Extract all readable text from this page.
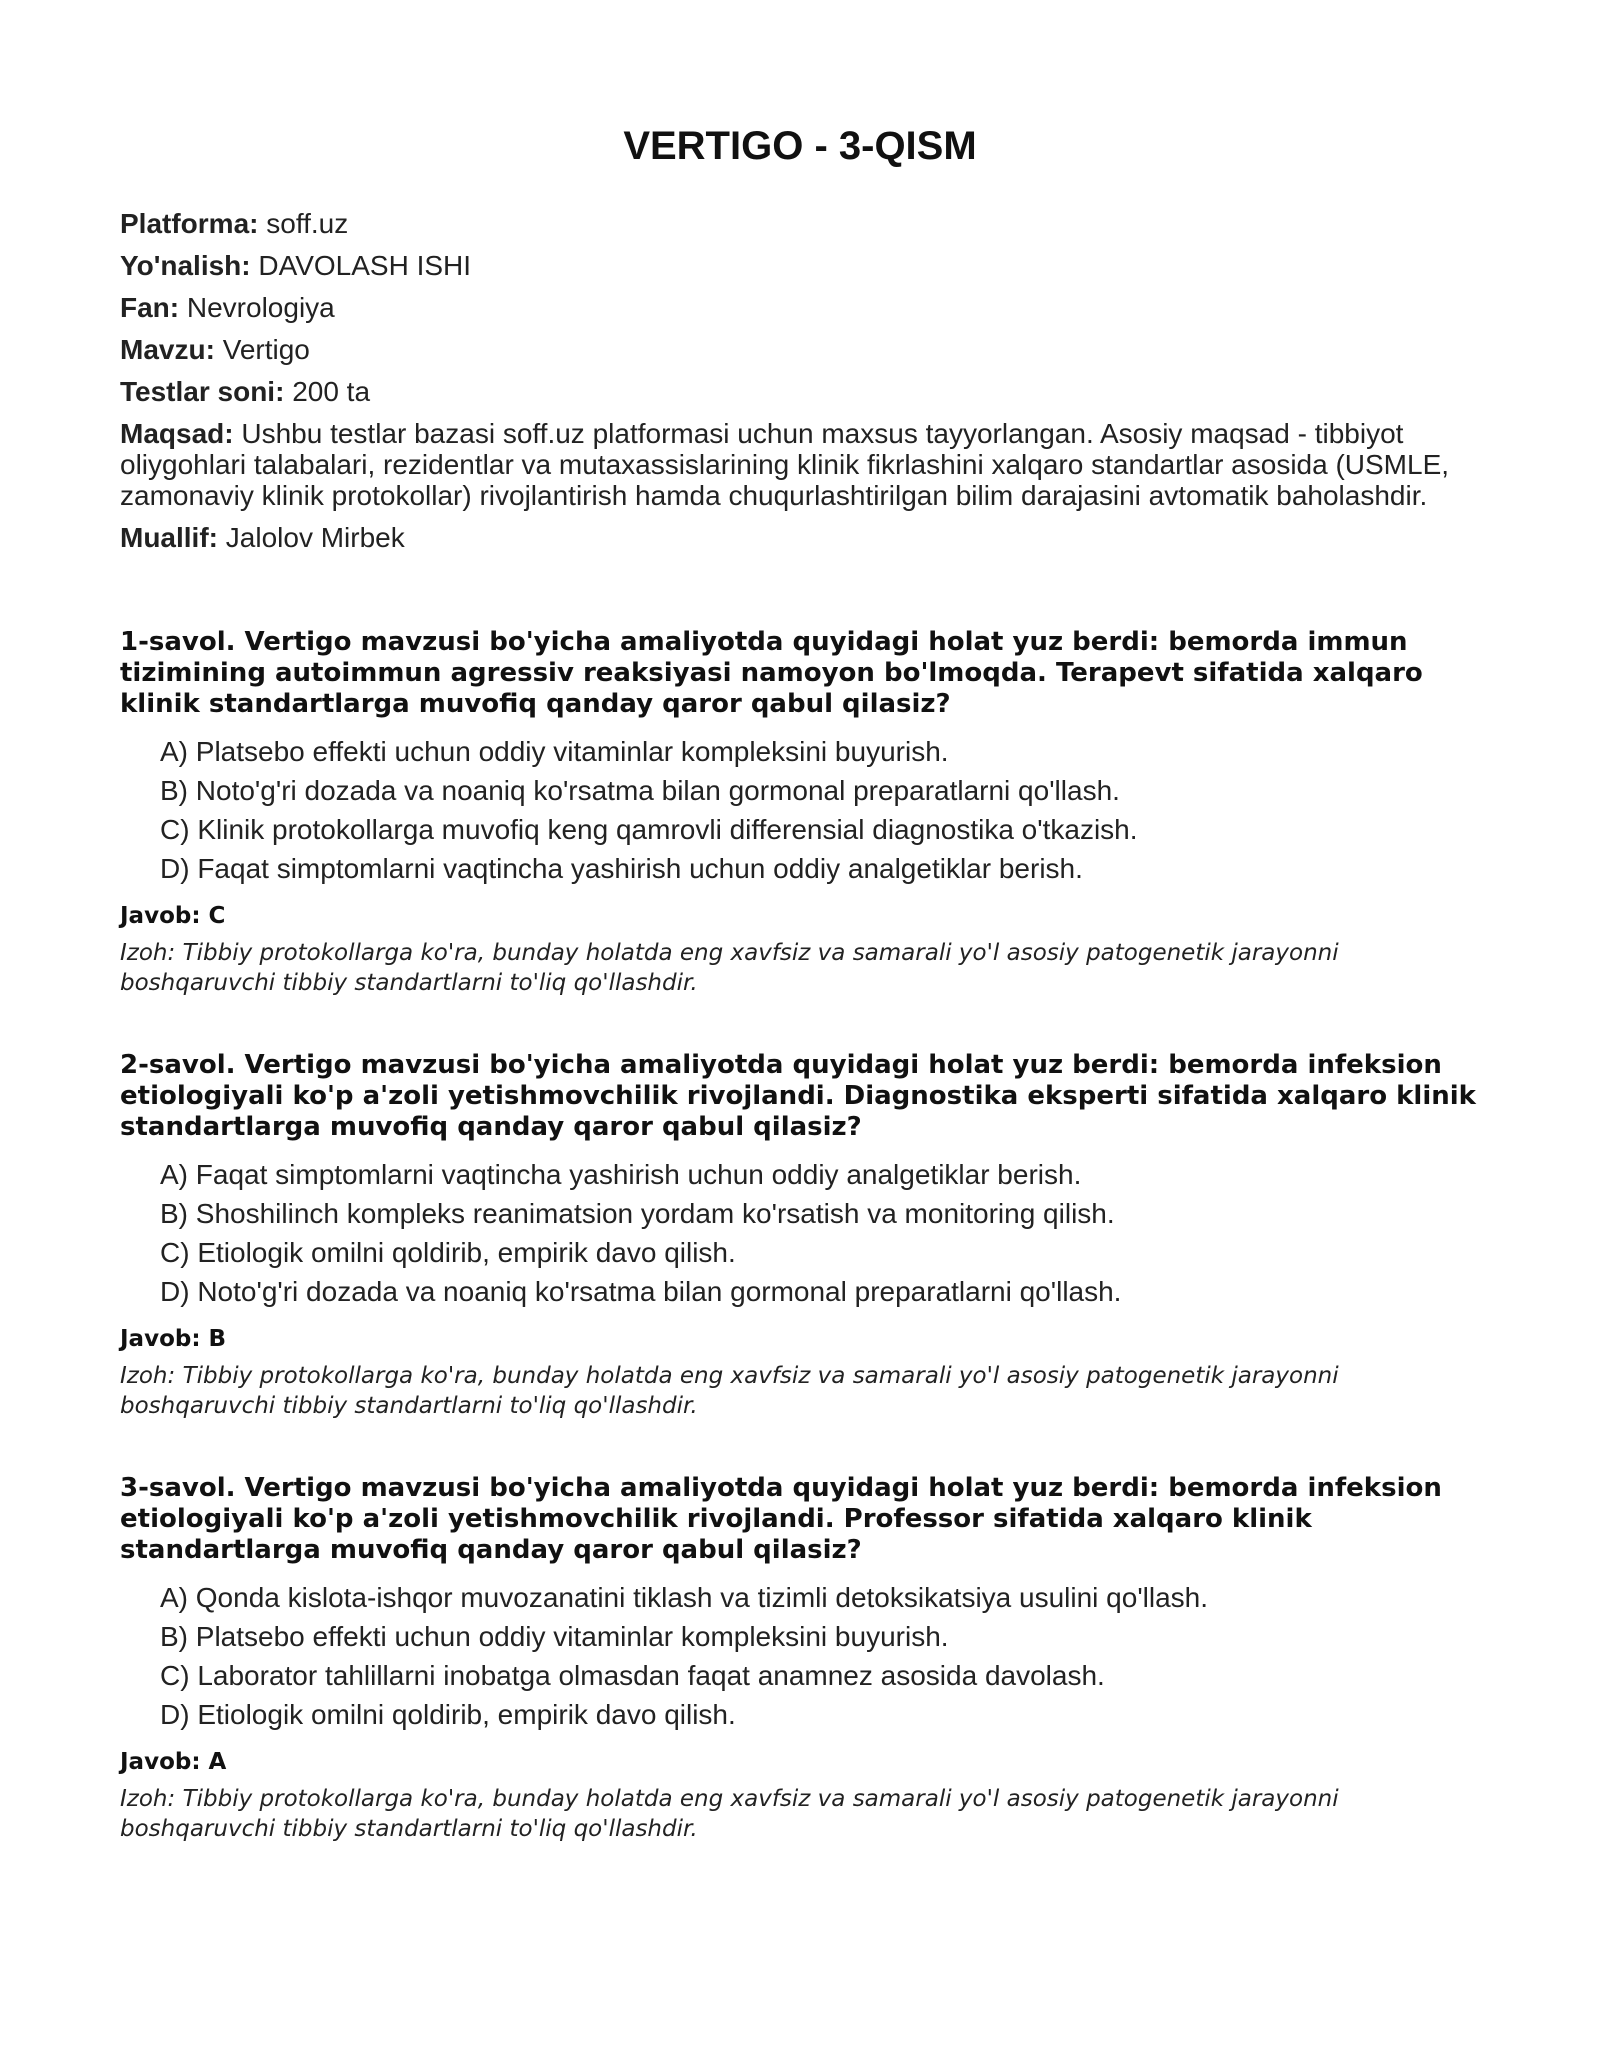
VERTIGO - 3-QISM

Platforma: soff.uz

Yo'nalish: DAVOLASH ISHI

Fan: Nevrologiya

Mavzu: Vertigo

Testlar soni: 200 ta

Maqsad: Ushbu testlar bazasi soff.uz platformasi uchun maxsus tayyorlangan. Asosiy maqsad - tibbiyot oliygohlari talabalari, rezidentlar va mutaxassislarining klinik fikrlashini xalqaro standartlar asosida (USMLE, zamonaviy klinik protokollar) rivojlantirish hamda chuqurlashtirilgan bilim darajasini avtomatik baholashdir.

Muallif: Jalolov Mirbek

1-savol. Vertigo mavzusi bo'yicha amaliyotda quyidagi holat yuz berdi: bemorda immun tizimining autoimmun agressiv reaksiyasi namoyon bo'lmoqda. Terapevt sifatida xalqaro klinik standartlarga muvofiq qanday qaror qabul qilasiz?

A) Platsebo effekti uchun oddiy vitaminlar kompleksini buyurish.
B) Noto'g'ri dozada va noaniq ko'rsatma bilan gormonal preparatlarni qo'llash.
C) Klinik protokollarga muvofiq keng qamrovli differensial diagnostika o'tkazish.
D) Faqat simptomlarni vaqtincha yashirish uchun oddiy analgetiklar berish.

Javob: C

Izoh: Tibbiy protokollarga ko'ra, bunday holatda eng xavfsiz va samarali yo'l asosiy patogenetik jarayonni boshqaruvchi tibbiy standartlarni to'liq qo'llashdir.

2-savol. Vertigo mavzusi bo'yicha amaliyotda quyidagi holat yuz berdi: bemorda infeksion etiologiyali ko'p a'zoli yetishmovchilik rivojlandi. Diagnostika eksperti sifatida xalqaro klinik standartlarga muvofiq qanday qaror qabul qilasiz?

A) Faqat simptomlarni vaqtincha yashirish uchun oddiy analgetiklar berish.
B) Shoshilinch kompleks reanimatsion yordam ko'rsatish va monitoring qilish.
C) Etiologik omilni qoldirib, empirik davo qilish.
D) Noto'g'ri dozada va noaniq ko'rsatma bilan gormonal preparatlarni qo'llash.

Javob: B

Izoh: Tibbiy protokollarga ko'ra, bunday holatda eng xavfsiz va samarali yo'l asosiy patogenetik jarayonni boshqaruvchi tibbiy standartlarni to'liq qo'llashdir.

3-savol. Vertigo mavzusi bo'yicha amaliyotda quyidagi holat yuz berdi: bemorda infeksion etiologiyali ko'p a'zoli yetishmovchilik rivojlandi. Professor sifatida xalqaro klinik standartlarga muvofiq qanday qaror qabul qilasiz?

A) Qonda kislota-ishqor muvozanatini tiklash va tizimli detoksikatsiya usulini qo'llash.
B) Platsebo effekti uchun oddiy vitaminlar kompleksini buyurish.
C) Laborator tahlillarni inobatga olmasdan faqat anamnez asosida davolash.
D) Etiologik omilni qoldirib, empirik davo qilish.

Javob: A

Izoh: Tibbiy protokollarga ko'ra, bunday holatda eng xavfsiz va samarali yo'l asosiy patogenetik jarayonni boshqaruvchi tibbiy standartlarni to'liq qo'llashdir.
